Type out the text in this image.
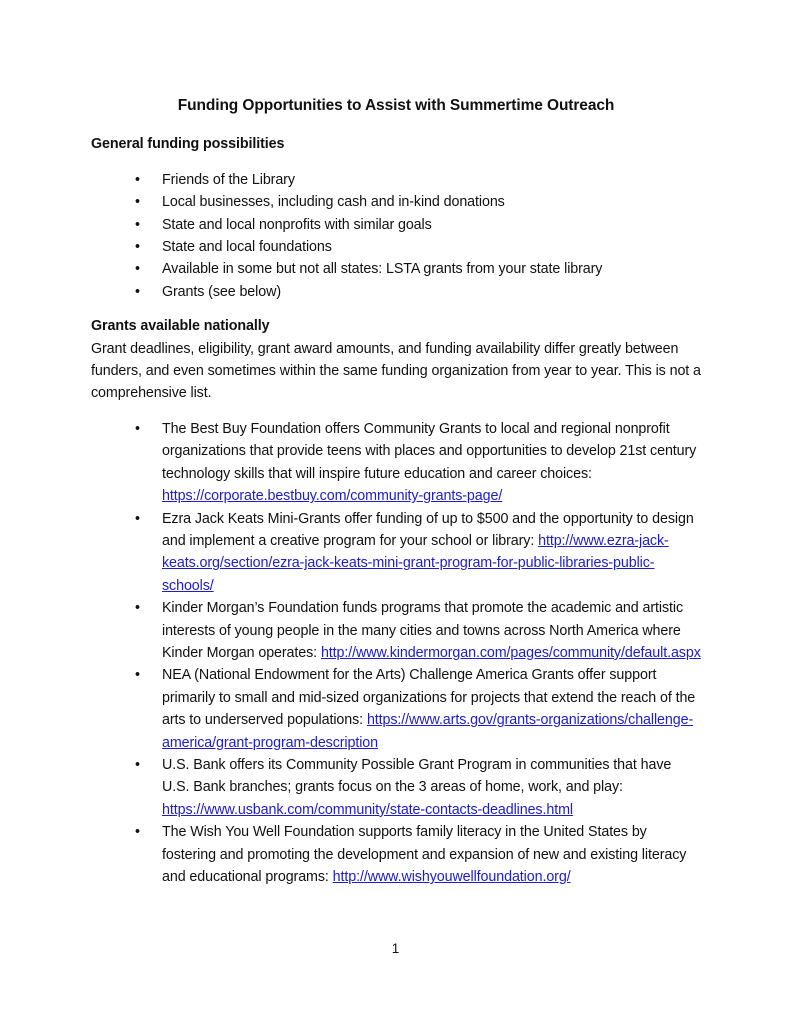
Funding Opportunities to Assist with Summertime Outreach
General funding possibilities
• Friends of the Library
• Local businesses, including cash and in-kind donations
• State and local nonprofits with similar goals
• State and local foundations
• Available in some but not all states: LSTA grants from your state library
• Grants (see below)
Grants available nationally

Grant deadlines, eligibility, grant award amounts, and funding availability differ greatly between funders, and even sometimes within the same funding organization from year to year. This is not a comprehensive list.

• The Best Buy Foundation offers Community Grants to local and regional nonprofit organizations that provide teens with places and opportunities to develop 21st century technology skills that will inspire future education and career choices: https://corporate.bestbuy.com/community-grants-page/
• Ezra Jack Keats Mini-Grants offer funding of up to $500 and the opportunity to design and implement a creative program for your school or library: http://www.ezra-jack-keats.org/section/ezra-jack-keats-mini-grant-program-for-public-libraries-public-schools/
• Kinder Morgan’s Foundation funds programs that promote the academic and artistic interests of young people in the many cities and towns across North America where Kinder Morgan operates: http://www.kindermorgan.com/pages/community/default.aspx
• NEA (National Endowment for the Arts) Challenge America Grants offer support primarily to small and mid-sized organizations for projects that extend the reach of the arts to underserved populations: https://www.arts.gov/grants-organizations/challenge-america/grant-program-description
• U.S. Bank offers its Community Possible Grant Program in communities that have U.S. Bank branches; grants focus on the 3 areas of home, work, and play: https://www.usbank.com/community/state-contacts-deadlines.html
• The Wish You Well Foundation supports family literacy in the United States by fostering and promoting the development and expansion of new and existing literacy and educational programs: http://www.wishyouwellfoundation.org/
1
